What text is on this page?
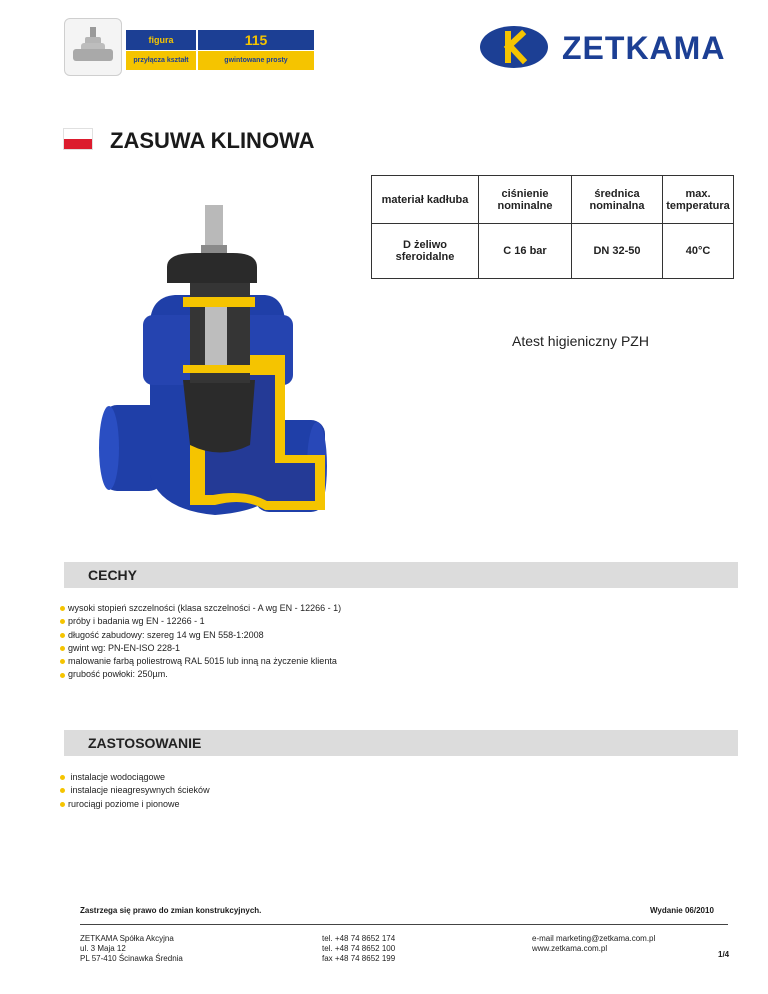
figura	115
przyłącza kształt	gwintowane prosty	ZETKAMA
ZASUWA KLINOWA
materiał kadłuba	ciśnienie nominalne	średnica nominalna	max. temperatura
D żeliwo sferoidalne	C 16 bar	DN 32-50	40°C
Atest higieniczny PZH
CECHY
wysoki stopień szczelności (klasa szczelności - A wg EN - 12266 - 1)
próby i badania wg EN - 12266 - 1
długość zabudowy: szereg 14 wg EN 558-1:2008
gwint wg: PN-EN-ISO 228-1
malowanie farbą poliestrową RAL 5015 lub inną na życzenie klienta
grubość powłoki: 250µm.
ZASTOSOWANIE
instalacje wodociągowe
instalacje nieagresywnych ścieków
rurociągi poziome i pionowe
Zastrzega się prawo do zmian konstrukcyjnych.	Wydanie 06/2010
ZETKAMA Spółka Akcyjna
ul. 3 Maja 12
PL 57-410 Ścinawka Średnia
tel. +48 74 8652 174
tel. +48 74 8652 100
fax +48 74 8652 199
e-mail marketing@zetkama.com.pl
www.zetkama.com.pl
1/4
